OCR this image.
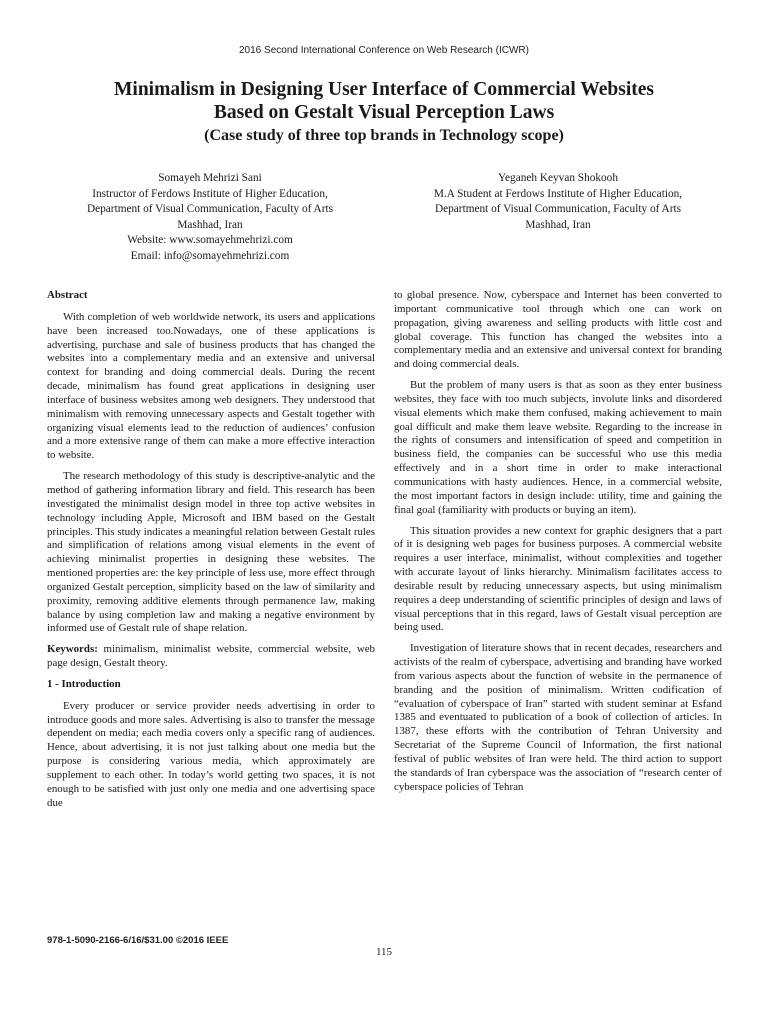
2016 Second International Conference on Web Research (ICWR)
Minimalism in Designing User Interface of Commercial Websites
Based on Gestalt Visual Perception Laws
(Case study of three top brands in Technology scope)
Somayeh Mehrizi Sani
Instructor of Ferdows Institute of Higher Education,
Department of Visual Communication, Faculty of Arts
Mashhad, Iran
Website: www.somayehmehrizi.com
Email: info@somayehmehrizi.com
Yeganeh Keyvan Shokooh
M.A Student at Ferdows Institute of Higher Education,
Department of Visual Communication, Faculty of Arts
Mashhad, Iran
Abstract

With completion of web worldwide network, its users and applications have been increased too.Nowadays, one of these applications is advertising, purchase and sale of business products that has changed the websites into a complementary media and an extensive and universal context for branding and doing commercial deals. During the recent decade, minimalism has found great applications in designing user interface of business websites among web designers. They understood that minimalism with removing unnecessary aspects and Gestalt together with organizing visual elements lead to the reduction of audiences’ confusion and a more extensive range of them can make a more effective interaction to website.

The research methodology of this study is descriptive-analytic and the method of gathering information library and field. This research has been investigated the minimalist design model in three top active websites in technology including Apple, Microsoft and IBM based on the Gestalt principles. This study indicates a meaningful relation between Gestalt rules and simplification of relations among visual elements in the event of achieving minimalist properties in designing these websites. The mentioned properties are: the key principle of less use, more effect through organized Gestalt perception, simplicity based on the law of similarity and proximity, removing additive elements through permanence law, making balance by using completion law and making a negative environment by informed use of Gestalt rule of shape relation.

Keywords: minimalism, minimalist website, commercial website, web page design, Gestalt theory.

1 - Introduction

Every producer or service provider needs advertising in order to introduce goods and more sales. Advertising is also to transfer the message dependent on media; each media covers only a specific rang of audiences. Hence, about advertising, it is not just talking about one media but the purpose is considering various media, which approximately are supplement to each other. In today’s world getting two spaces, it is not enough to be satisfied with just only one media and one advertising space due

to global presence. Now, cyberspace and Internet has been converted to important communicative tool through which one can work on propagation, giving awareness and selling products with little cost and global coverage. This function has changed the websites into a complementary media and an extensive and universal context for branding and doing commercial deals.

But the problem of many users is that as soon as they enter business websites, they face with too much subjects, involute links and disordered visual elements which make them confused, making achievement to main goal difficult and make them leave website. Regarding to the increase in the rights of consumers and intensification of speed and competition in business field, the companies can be successful who use this media effectively and in a short time in order to make interactional communications with hasty audiences. Hence, in a commercial website, the most important factors in design include: utility, time and gaining the final goal (familiarity with products or buying an item).

This situation provides a new context for graphic designers that a part of it is designing web pages for business purposes. A commercial website requires a user interface, minimalist, without complexities and together with accurate layout of links hierarchy. Minimalism facilitates access to desirable result by reducing unnecessary aspects, but using minimalism requires a deep understanding of scientific principles of design and laws of visual perceptions that in this regard, laws of Gestalt visual perception are being used.

Investigation of literature shows that in recent decades, researchers and activists of the realm of cyberspace, advertising and branding have worked from various aspects about the function of website in the permanence of branding and the position of minimalism. Written codification of “evaluation of cyberspace of Iran” started with student seminar at Esfand 1385 and eventuated to publication of a book of collection of articles. In 1387, these efforts with the contribution of Tehran University and Secretariat of the Supreme Council of Information, the first national festival of public websites of Iran were held. The third action to support the standards of Iran cyberspace was the association of “research center of cyberspace policies of Tehran

978-1-5090-2166-6/16/$31.00 ©2016 IEEE
115
